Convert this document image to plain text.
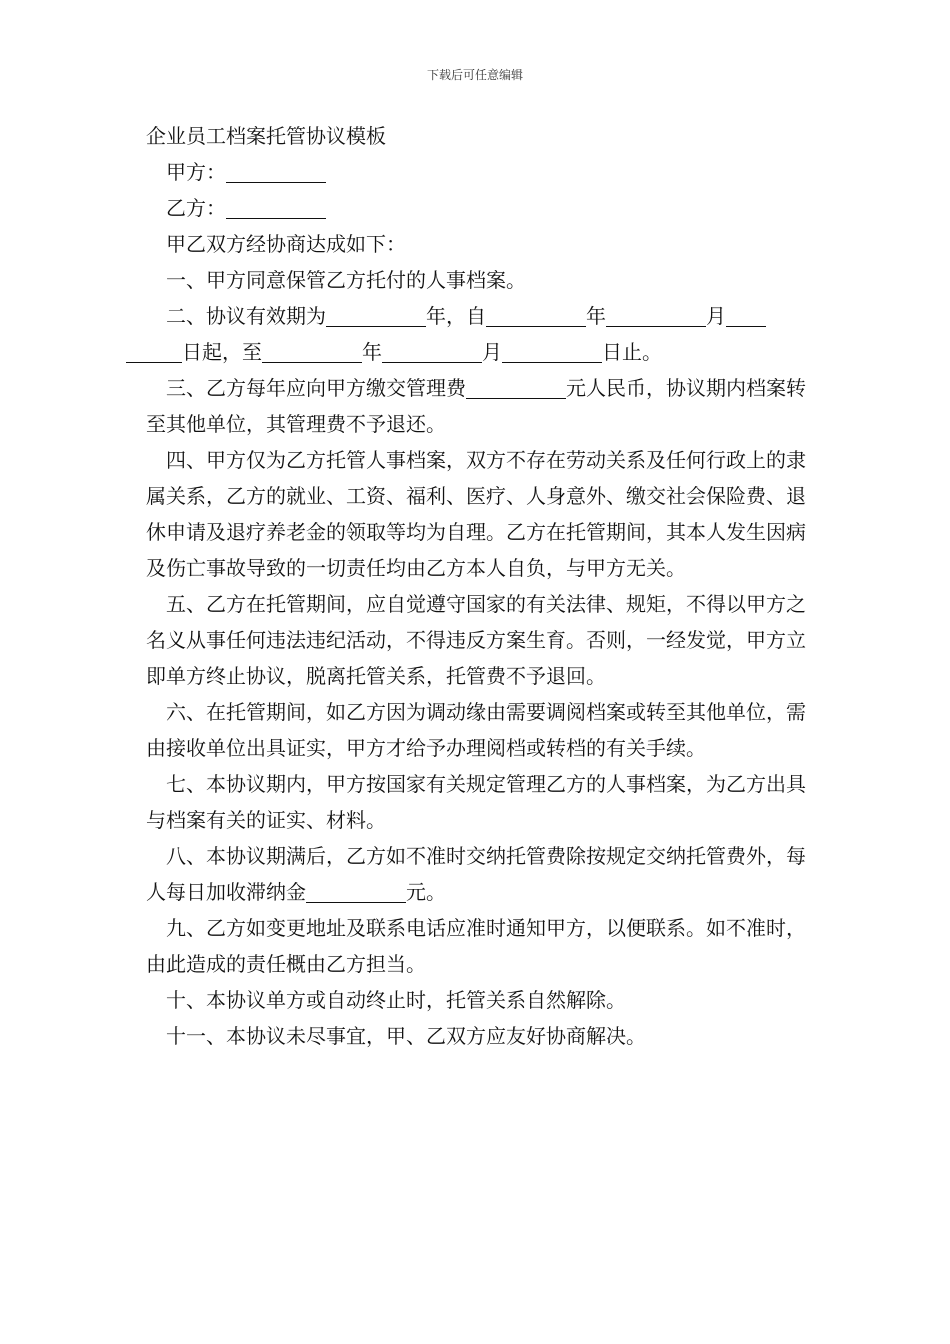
下载后可任意编辑

企业员工档案托管协议模板

甲方：

乙方：

甲乙双方经协商达成如下：

一、甲方同意保管乙方托付的人事档案。

二、协议有效期为	年，自	年	月
日起，至	年	月	日止。

三、乙方每年应向甲方缴交管理费	元人民币，协议期内档案转至其他单位，其管理费不予退还。

四、甲方仅为乙方托管人事档案，双方不存在劳动关系及任何行政上的隶属关系，乙方的就业、工资、福利、医疗、人身意外、缴交社会保险费、退休申请及退疗养老金的领取等均为自理。乙方在托管期间，其本人发生因病及伤亡事故导致的一切责任均由乙方本人自负，与甲方无关。

五、乙方在托管期间，应自觉遵守国家的有关法律、规矩，不得以甲方之名义从事任何违法违纪活动，不得违反方案生育。否则，一经发觉，甲方立即单方终止协议，脱离托管关系，托管费不予退回。

六、在托管期间，如乙方因为调动缘由需要调阅档案或转至其他单位，需由接收单位出具证实，甲方才给予办理阅档或转档的有关手续。

七、本协议期内，甲方按国家有关规定管理乙方的人事档案，为乙方出具与档案有关的证实、材料。

八、本协议期满后，乙方如不准时交纳托管费除按规定交纳托管费外，每人每日加收滞纳金	元。

九、乙方如变更地址及联系电话应准时通知甲方，以便联系。如不准时，由此造成的责任概由乙方担当。

十、本协议单方或自动终止时，托管关系自然解除。

十一、本协议未尽事宜，甲、乙双方应友好协商解决。
